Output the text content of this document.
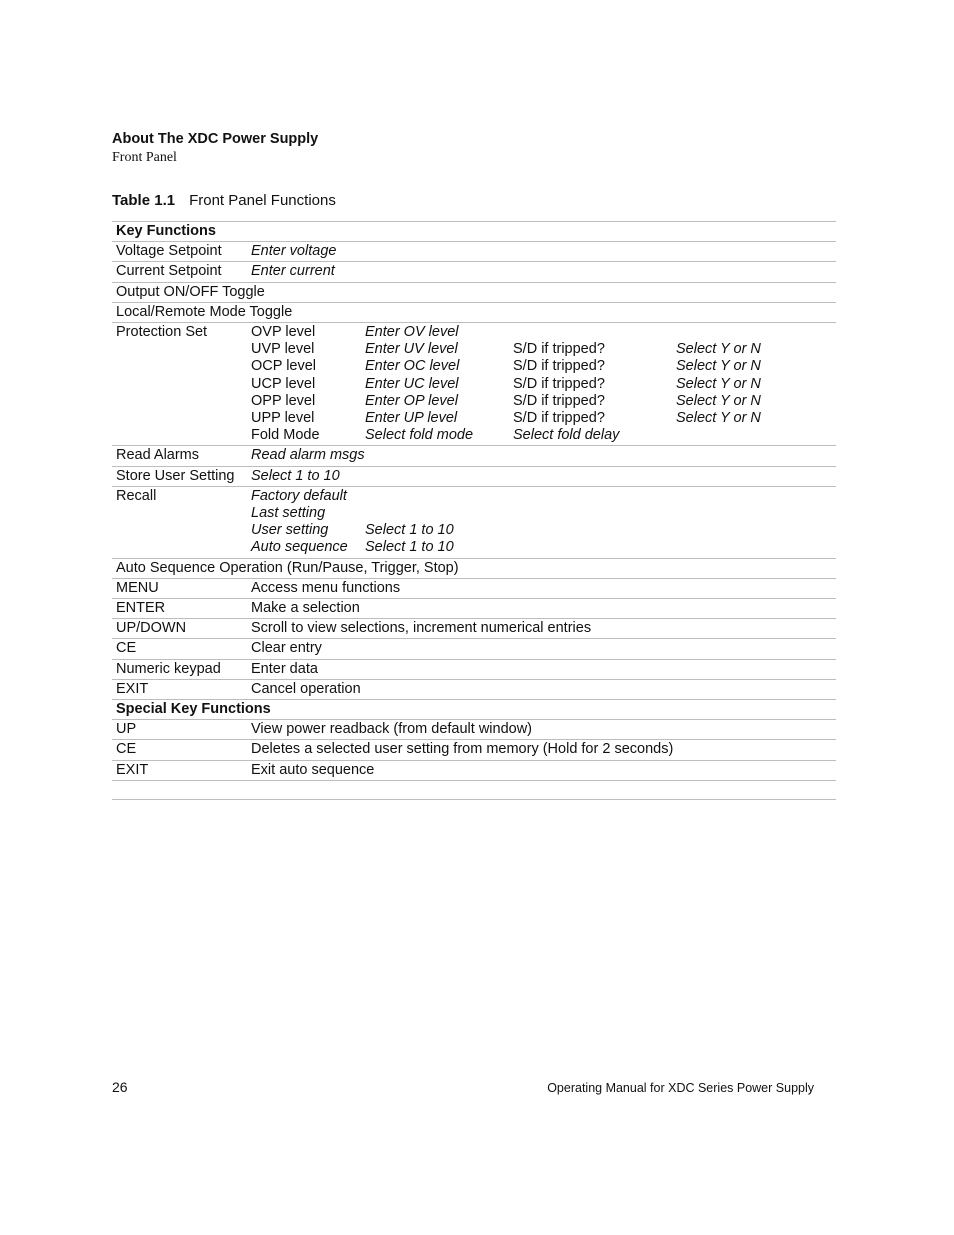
About The XDC Power Supply
Front Panel
Table 1.1 Front Panel Functions
Key Functions
Voltage Setpoint	Enter voltage
Current Setpoint	Enter current
Output ON/OFF Toggle
Local/Remote Mode Toggle
Protection Set	OVP level	Enter OV level
UVP level	Enter UV level	S/D if tripped?	Select Y or N
OCP level	Enter OC level	S/D if tripped?	Select Y or N
UCP level	Enter UC level	S/D if tripped?	Select Y or N
OPP level	Enter OP level	S/D if tripped?	Select Y or N
UPP level	Enter UP level	S/D if tripped?	Select Y or N
Fold Mode	Select fold mode	Select fold delay
Read Alarms	Read alarm msgs
Store User Setting	Select 1 to 10
Recall	Factory default
Last setting
User setting	Select 1 to 10
Auto sequence	Select 1 to 10
Auto Sequence Operation (Run/Pause, Trigger, Stop)
MENU	Access menu functions
ENTER	Make a selection
UP/DOWN	Scroll to view selections, increment numerical entries
CE	Clear entry
Numeric keypad	Enter data
EXIT	Cancel operation
Special Key Functions
UP	View power readback (from default window)
CE	Deletes a selected user setting from memory (Hold for 2 seconds)
EXIT	Exit auto sequence
26	Operating Manual for XDC Series Power Supply
